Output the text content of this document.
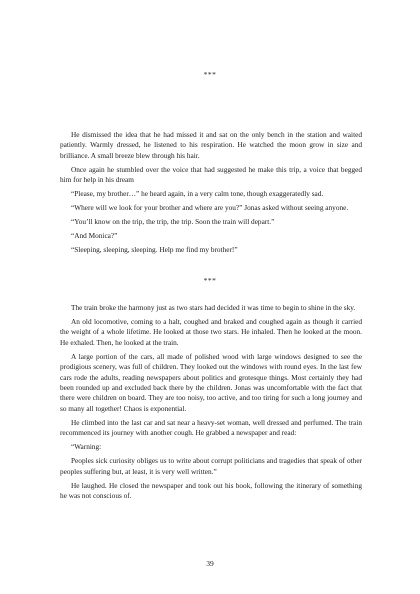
***

He dismissed the idea that he had missed it and sat on the only bench in the station and waited patiently. Warmly dressed, he listened to his respiration. He watched the moon grow in size and brilliance. A small breeze blew through his hair.

Once again he stumbled over the voice that had suggested he make this trip, a voice that begged him for help in his dream

“Please, my brother…” he heard again, in a very calm tone, though exaggeratedly sad.

“Where will we look for your brother and where are you?” Jonas asked without seeing anyone.

“You’ll know on the trip, the trip, the trip. Soon the train will depart.”

“And Monica?”

“Sleeping, sleeping, sleeping. Help me find my brother!”

***

The train broke the harmony just as two stars had decided it was time to begin to shine in the sky.

An old locomotive, coming to a halt, coughed and braked and coughed again as though it carried the weight of a whole lifetime. He looked at those two stars. He inhaled. Then he looked at the moon. He exhaled. Then, he looked at the train.

A large portion of the cars, all made of polished wood with large windows designed to see the prodigious scenery, was full of children. They looked out the windows with round eyes. In the last few cars rode the adults, reading newspapers about politics and grotesque things. Most certainly they had been rounded up and excluded back there by the children. Jonas was uncomfortable with the fact that there were children on board. They are too noisy, too active, and too tiring for such a long journey and so many all together! Chaos is exponential.

He climbed into the last car and sat near a heavy-set woman, well dressed and perfumed. The train recommenced its journey with another cough. He grabbed a newspaper and read:

“Warning:

Peoples sick curiosity obliges us to write about corrupt politicians and tragedies that speak of other peoples suffering but, at least, it is very well written.”

He laughed. He closed the newspaper and took out his book, following the itinerary of something he was not conscious of.

39
